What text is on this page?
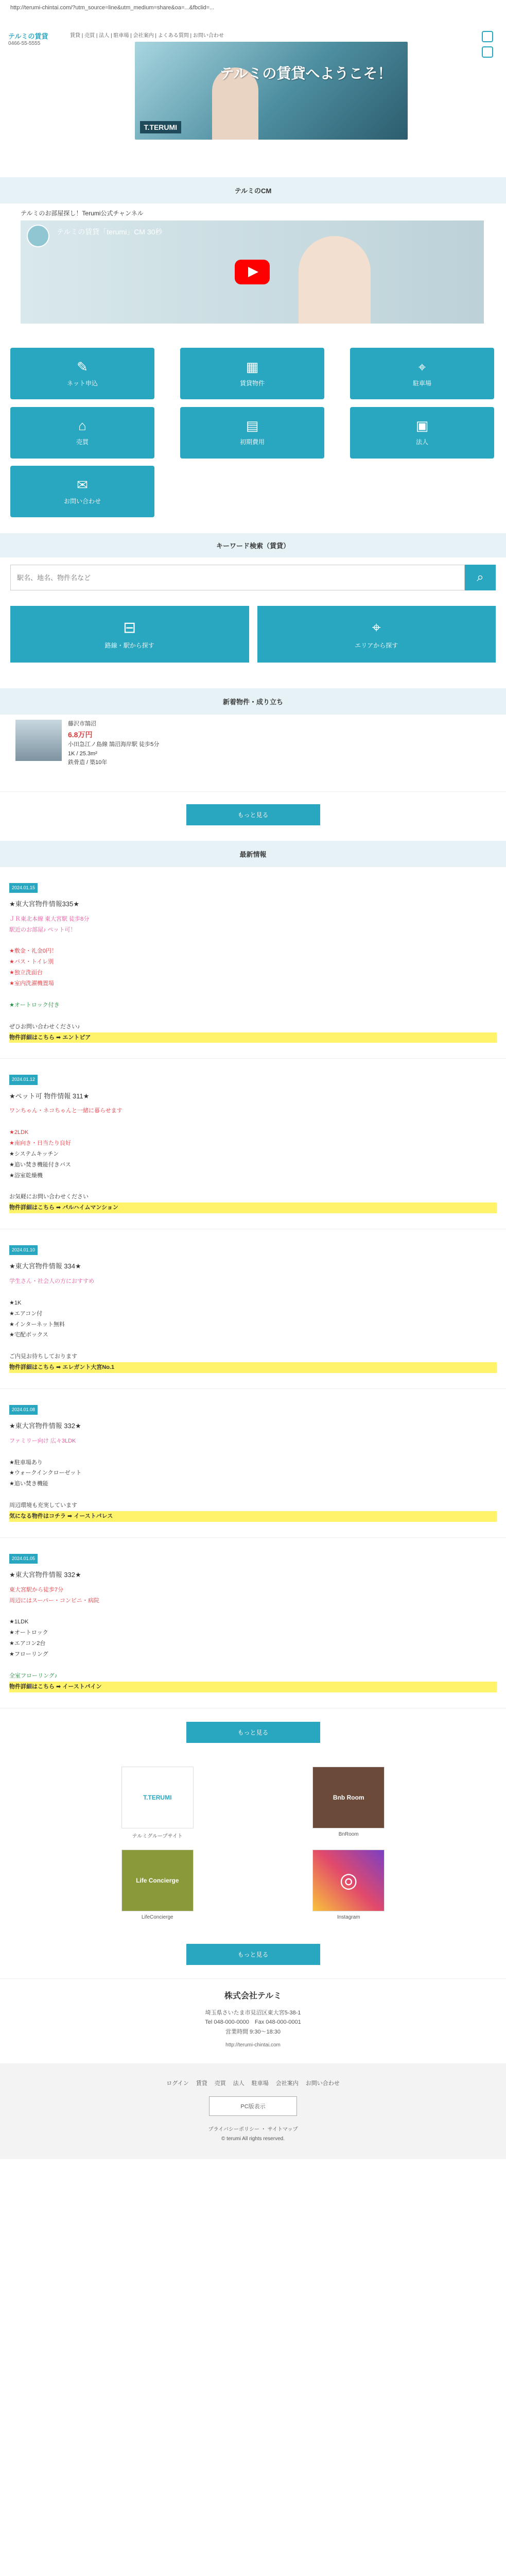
http://terumi-chintai.com/?utm_source=line&utm_medium=share&oa=...&fbclid=...
テルミの賃貸
0466-55-5555
賃貸 | 売買 | 法人 | 駐車場 | 会社案内 | よくある質問 | お問い合わせ
テルミの賃貸へようこそ！
T.TERUMI
テルミのCM
テルミのお部屋探し！Terumi公式チャンネル
テルミの賃貸「terumi」CM 30秒
✎
ネット申込
▦
賃貸物件
⌖
駐車場
⌂
売買
▤
初期費用
▣
法人
✉
お問い合わせ
キーワード検索（賃貸）
駅名、地名、物件名など
⌕
⊟
路線・駅から探す
⌖
エリアから探す
新着物件・成り立ち
藤沢市鵠沼
6.8万円
小田急江ノ島線 鵠沼海岸駅 徒歩5分
1K / 25.3m²
鉄骨造 / 築10年
もっと見る
最新情報
2024.01.15
★東大宮物件情報335★

ＪＲ東北本線 東大宮駅 徒歩8分

駅近のお部屋♪ ペット可！

★敷金・礼金0円！

★バス・トイレ別

★独立洗面台

★室内洗濯機置場

★オートロック付き

ぜひお問い合わせください♪

物件詳細はこちら ➡ エントピア
2024.01.12
★ペット可 物件情報 311★

ワンちゃん・ネコちゃんと一緒に暮らせます

★2LDK

★南向き・日当たり良好

★システムキッチン

★追い焚き機能付きバス

★浴室乾燥機

お気軽にお問い合わせください

物件詳細はこちら ➡ パルハイムマンション
2024.01.10
★東大宮物件情報 334★

学生さん・社会人の方におすすめ

★1K

★エアコン付

★インターネット無料

★宅配ボックス

ご内見お待ちしております

物件詳細はこちら ➡ エレガント大宮No.1
2024.01.08
★東大宮物件情報 332★

ファミリー向け 広々3LDK

★駐車場あり

★ウォークインクローゼット

★追い焚き機能

周辺環境も充実しています

気になる物件はコチラ ➡ イーストパレス
2024.01.05
★東大宮物件情報 332★

東大宮駅から徒歩7分

周辺にはスーパー・コンビニ・病院

★1LDK

★オートロック

★エアコン2台

★フローリング

全室フローリング♪

物件詳細はこちら ➡ イーストパイン
もっと見る
T.TERUMI
テルミグループサイト
Bnb Room
BnRoom
Life Concierge
LifeConcierge
◎
Instagram
もっと見る
株式会社テルミ
埼玉県さいたま市見沼区東大宮5-38-1
Tel 048-000-0000　Fax 048-000-0001
営業時間 9:30〜18:30
http://terumi-chintai.com
ログイン 賃貸 売買 法人 駐車場 会社案内 お問い合わせ
PC版表示
プライバシーポリシー ・ サイトマップ
© terumi All rights reserved.
